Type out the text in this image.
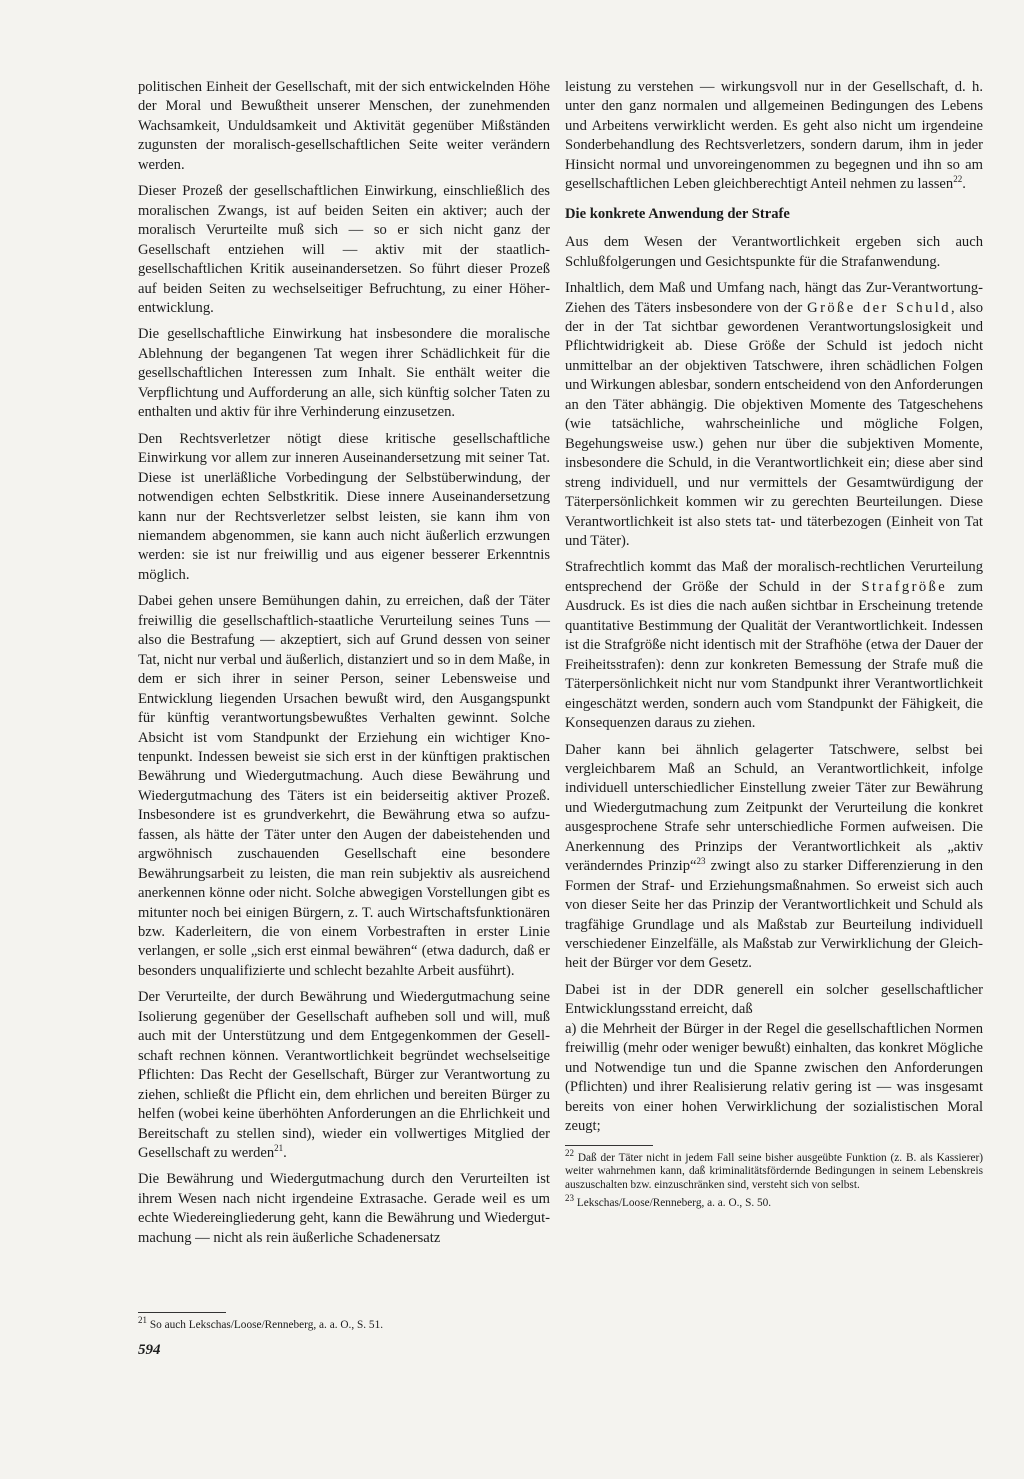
politischen Einheit der Gesellschaft, mit der sich entwickelnden Höhe der Moral und Bewußtheit unserer Menschen, der zunehmenden Wachsamkeit, Unduldsamkeit und Aktivität gegenüber Mißständen zugunsten der moralisch-gesellschaftlichen Seite weiter verändern werden.

Dieser Prozeß der gesellschaftlichen Einwirkung, einschließlich des moralischen Zwangs, ist auf beiden Seiten ein aktiver; auch der moralisch Verurteilte muß sich — so er sich nicht ganz der Gesellschaft entziehen will — aktiv mit der staatlich-gesellschaftlichen Kritik auseinandersetzen. So führt dieser Prozeß auf beiden Seiten zu wechselseitiger Befruchtung, zu einer Höherentwicklung.

Die gesellschaftliche Einwirkung hat insbesondere die moralische Ablehnung der begangenen Tat wegen ihrer Schädlichkeit für die gesellschaftlichen Interessen zum Inhalt. Sie enthält weiter die Verpflichtung und Aufforderung an alle, sich künftig solcher Taten zu enthalten und aktiv für ihre Verhinderung einzusetzen.

Den Rechtsverletzer nötigt diese kritische gesellschaftliche Einwirkung vor allem zur inneren Auseinandersetzung mit seiner Tat. Diese ist unerläßliche Vorbedingung der Selbstüberwindung, der notwendigen echten Selbstkritik. Diese innere Auseinandersetzung kann nur der Rechtsverletzer selbst leisten, sie kann ihm von niemandem abgenommen, sie kann auch nicht äußerlich erzwungen werden: sie ist nur freiwillig und aus eigener besserer Erkenntnis möglich.

Dabei gehen unsere Bemühungen dahin, zu erreichen, daß der Täter freiwillig die gesellschaftlich-staatliche Verurteilung seines Tuns — also die Bestrafung — akzeptiert, sich auf Grund dessen von seiner Tat, nicht nur verbal und äußerlich, distanziert und so in dem Maße, in dem er sich ihrer in seiner Person, seiner Lebensweise und Entwicklung liegenden Ursachen bewußt wird, den Ausgangspunkt für künftig verantwortungsbewußtes Verhalten gewinnt. Solche Absicht ist vom Standpunkt der Erziehung ein wichtiger Knotenpunkt. Indessen beweist sie sich erst in der künftigen praktischen Bewährung und Wiedergutmachung. Auch diese Bewährung und Wiedergutmachung des Täters ist ein beiderseitig aktiver Prozeß. Insbesondere ist es grundverkehrt, die Bewährung etwa so aufzufassen, als hätte der Täter unter den Augen der dabeistehenden und argwöhnisch zuschauenden Gesellschaft eine besondere Bewährungsarbeit zu leisten, die man rein subjektiv als ausreichend anerkennen könne oder nicht. Solche abwegigen Vorstellungen gibt es mitunter noch bei einigen Bürgern, z. T. auch Wirtschaftsfunktionären bzw. Kaderleitern, die von einem Vorbestraften in erster Linie verlangen, er solle „sich erst einmal bewähren“ (etwa dadurch, daß er besonders unqualifizierte und schlecht bezahlte Arbeit ausführt).

Der Verurteilte, der durch Bewährung und Wiedergutmachung seine Isolierung gegenüber der Gesellschaft aufheben soll und will, muß auch mit der Unterstützung und dem Entgegenkommen der Gesellschaft rechnen können. Verantwortlichkeit begründet wechselseitige Pflichten: Das Recht der Gesellschaft, Bürger zur Verantwortung zu ziehen, schließt die Pflicht ein, dem ehrlichen und bereiten Bürger zu helfen (wobei keine überhöhten Anforderungen an die Ehrlichkeit und Bereitschaft zu stellen sind), wieder ein vollwertiges Mitglied der Gesellschaft zu werden$^{21}$.

Die Bewährung und Wiedergutmachung durch den Verurteilten ist ihrem Wesen nach nicht irgendeine Extrasache. Gerade weil es um echte Wiedereingliederung geht, kann die Bewährung und Wiedergutmachung — nicht als rein äußerliche Schadenersatz

$^{21}$ So auch Lekschas/Loose/Renneberg, a. a. O., S. 51.

leistung zu verstehen — wirkungsvoll nur in der Gesellschaft, d. h. unter den ganz normalen und allgemeinen Bedingungen des Lebens und Arbeitens verwirklicht werden. Es geht also nicht um irgendeine Sonderbehandlung des Rechtsverletzers, sondern darum, ihm in jeder Hinsicht normal und unvoreingenommen zu begegnen und ihn so am gesellschaftlichen Leben gleichberechtigt Anteil nehmen zu lassen$^{22}$.

Die konkrete Anwendung der Strafe

Aus dem Wesen der Verantwortlichkeit ergeben sich auch Schlußfolgerungen und Gesichtspunkte für die Strafanwendung.

Inhaltlich, dem Maß und Umfang nach, hängt das Zur-Verantwortung-Ziehen des Täters insbesondere von der Größe der Schuld, also der in der Tat sichtbar gewordenen Verantwortungslosigkeit und Pflichtwidrigkeit ab. Diese Größe der Schuld ist jedoch nicht unmittelbar an der objektiven Tatschwere, ihren schädlichen Folgen und Wirkungen ablesbar, sondern entscheidend von den Anforderungen an den Täter abhängig. Die objektiven Momente des Tatgeschehens (wie tatsächliche, wahrscheinliche und mögliche Folgen, Begehungsweise usw.) gehen nur über die subjektiven Momente, insbesondere die Schuld, in die Verantwortlichkeit ein; diese aber sind streng individuell, und nur vermittels der Gesamtwürdigung der Täterpersönlichkeit kommen wir zu gerechten Beurteilungen. Diese Verantwortlichkeit ist also stets tat- und täterbezogen (Einheit von Tat und Täter).

Strafrechtlich kommt das Maß der moralisch-rechtlichen Verurteilung entsprechend der Größe der Schuld in der Strafgröße zum Ausdruck. Es ist dies die nach außen sichtbar in Erscheinung tretende quantitative Bestimmung der Qualität der Verantwortlichkeit. Indessen ist die Strafgröße nicht identisch mit der Strafhöhe (etwa der Dauer der Freiheitsstrafen): denn zur konkreten Bemessung der Strafe muß die Täterpersönlichkeit nicht nur vom Standpunkt ihrer Verantwortlichkeit eingeschätzt werden, sondern auch vom Standpunkt der Fähigkeit, die Konsequenzen daraus zu ziehen.

Daher kann bei ähnlich gelagerter Tatschwere, selbst bei vergleichbarem Maß an Schuld, an Verantwortlichkeit, infolge individuell unterschiedlicher Einstellung zweier Täter zur Bewährung und Wiedergutmachung zum Zeitpunkt der Verurteilung die konkret ausgesprochene Strafe sehr unterschiedliche Formen aufweisen. Die Anerkennung des Prinzips der Verantwortlichkeit als „aktiv veränderndes Prinzip“$^{23}$ zwingt also zu starker Differenzierung in den Formen der Straf- und Erziehungsmaßnahmen. So erweist sich auch von dieser Seite her das Prinzip der Verantwortlichkeit und Schuld als tragfähige Grundlage und als Maßstab zur Beurteilung individuell verschiedener Einzelfälle, als Maßstab zur Verwirklichung der Gleichheit der Bürger vor dem Gesetz.

Dabei ist in der DDR generell ein solcher gesellschaftlicher Entwicklungsstand erreicht, daß

a) die Mehrheit der Bürger in der Regel die gesellschaftlichen Normen freiwillig (mehr oder weniger bewußt) einhalten, das konkret Mögliche und Notwendige tun und die Spanne zwischen den Anforderungen (Pflichten) und ihrer Realisierung relativ gering ist — was insgesamt bereits von einer hohen Verwirklichung der sozialistischen Moral zeugt;

$^{22}$ Daß der Täter nicht in jedem Fall seine bisher ausgeübte Funktion (z. B. als Kassierer) weiter wahrnehmen kann, daß kriminalitätsfördernde Bedingungen in seinem Lebenskreis auszuschalten bzw. einzuschränken sind, versteht sich von selbst.

$^{23}$ Lekschas/Loose/Renneberg, a. a. O., S. 50.

594
